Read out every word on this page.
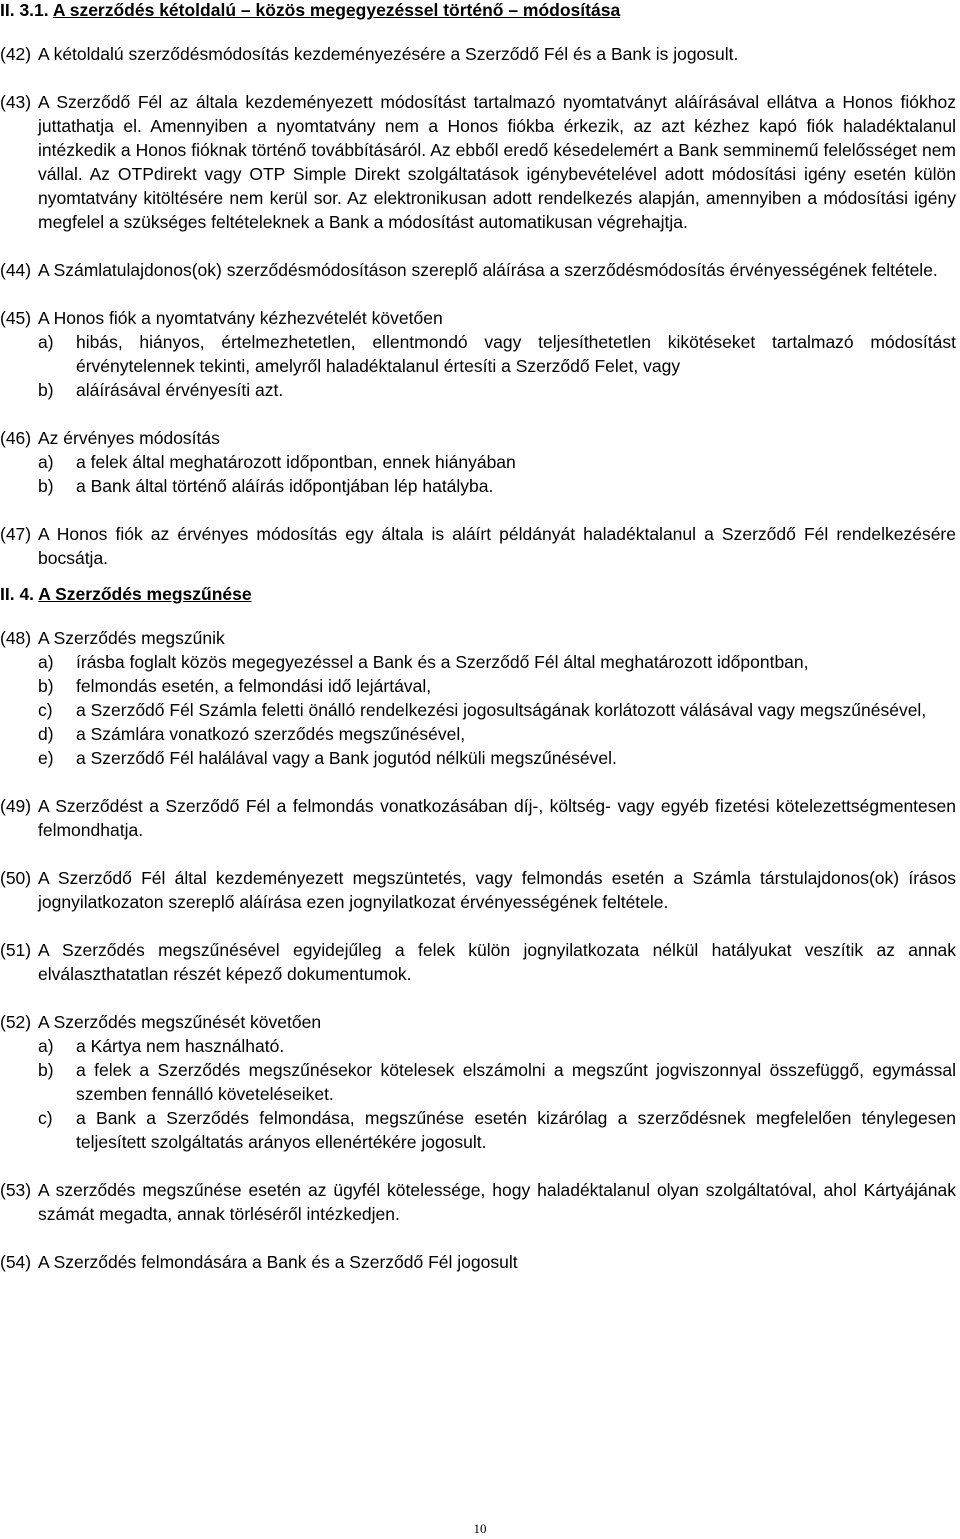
II. 3.1. A szerződés kétoldalú – közös megegyezéssel történő – módosítása

(42) A kétoldalú szerződésmódosítás kezdeményezésére a Szerződő Fél és a Bank is jogosult.
(43) A Szerződő Fél az általa kezdeményezett módosítást tartalmazó nyomtatványt aláírásával ellátva a Honos fiókhoz juttathatja el. Amennyiben a nyomtatvány nem a Honos fiókba érkezik, az azt kézhez kapó fiók haladéktalanul intézkedik a Honos fióknak történő továbbításáról. Az ebből eredő késedelemért a Bank semminemű felelősséget nem vállal. Az OTPdirekt vagy OTP Simple Direkt szolgáltatások igénybevételével adott módosítási igény esetén külön nyomtatvány kitöltésére nem kerül sor. Az elektronikusan adott rendelkezés alapján, amennyiben a módosítási igény megfelel a szükséges feltételeknek a Bank a módosítást automatikusan végrehajtja.
(44) A Számlatulajdonos(ok) szerződésmódosításon szereplő aláírása a szerződésmódosítás érvényességének feltétele.
(45) A Honos fiók a nyomtatvány kézhezvételét követően
a)	hibás, hiányos, értelmezhetetlen, ellentmondó vagy teljesíthetetlen kikötéseket tartalmazó módosítást érvénytelennek tekinti, amelyről haladéktalanul értesíti a Szerződő Felet, vagy
b)	aláírásával érvényesíti azt.
(46) Az érvényes módosítás
a)	a felek által meghatározott időpontban, ennek hiányában
b)	a Bank által történő aláírás időpontjában lép hatályba.
(47) A Honos fiók az érvényes módosítás egy általa is aláírt példányát haladéktalanul a Szerződő Fél rendelkezésére bocsátja.

II. 4. A Szerződés megszűnése

(48) A Szerződés megszűnik
a)	írásba foglalt közös megegyezéssel a Bank és a Szerződő Fél által meghatározott időpontban,
b)	felmondás esetén, a felmondási idő lejártával,
c)	a Szerződő Fél Számla feletti önálló rendelkezési jogosultságának korlátozott válásával vagy megszűnésével,
d)	a Számlára vonatkozó szerződés megszűnésével,
e)	a Szerződő Fél halálával vagy a Bank jogutód nélküli megszűnésével.
(49) A Szerződést a Szerződő Fél a felmondás vonatkozásában díj-, költség- vagy egyéb fizetési kötelezettségmentesen felmondhatja.
(50) A Szerződő Fél által kezdeményezett megszüntetés, vagy felmondás esetén a Számla társtulajdonos(ok) írásos jognyilatkozaton szereplő aláírása ezen jognyilatkozat érvényességének feltétele.
(51) A Szerződés megszűnésével egyidejűleg a felek külön jognyilatkozata nélkül hatályukat veszítik az annak elválaszthatatlan részét képező dokumentumok.
(52) A Szerződés megszűnését követően
a)	a Kártya nem használható.
b)	a felek a Szerződés megszűnésekor kötelesek elszámolni a megszűnt jogviszonnyal összefüggő, egymással szemben fennálló követeléseiket.
c)	a Bank a Szerződés felmondása, megszűnése esetén kizárólag a szerződésnek megfelelően ténylegesen teljesített szolgáltatás arányos ellenértékére jogosult.
(53) A szerződés megszűnése esetén az ügyfél kötelessége, hogy haladéktalanul olyan szolgáltatóval, ahol Kártyájának számát megadta, annak törléséről intézkedjen.
(54) A Szerződés felmondására a Bank és a Szerződő Fél jogosult
10
